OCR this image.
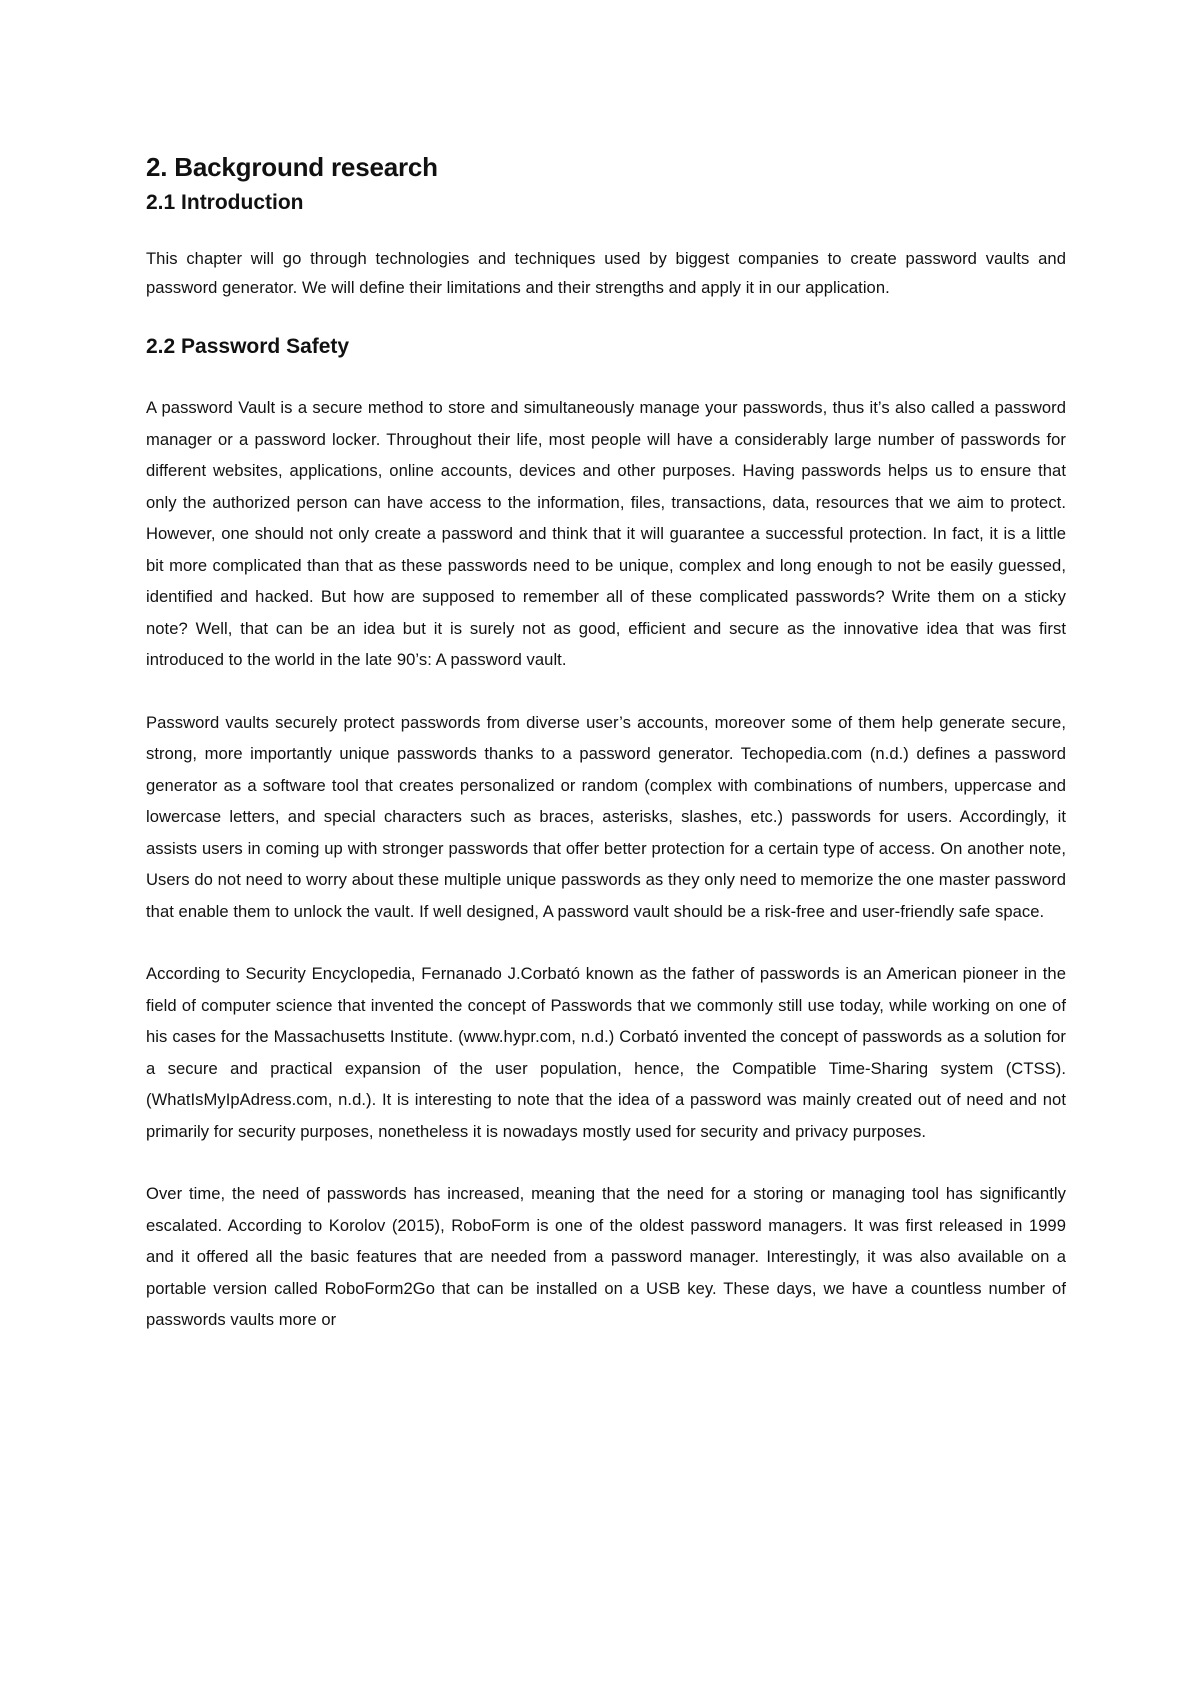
2. Background research
2.1 Introduction

This chapter will go through technologies and techniques used by biggest companies to create password vaults and password generator. We will define their limitations and their strengths and apply it in our application.

2.2 Password Safety

A password Vault is a secure method to store and simultaneously manage your passwords, thus it’s also called a password manager or a password locker. Throughout their life, most people will have a considerably large number of passwords for different websites, applications, online accounts, devices and other purposes. Having passwords helps us to ensure that only the authorized person can have access to the information, files, transactions, data, resources that we aim to protect. However, one should not only create a password and think that it will guarantee a successful protection. In fact, it is a little bit more complicated than that as these passwords need to be unique, complex and long enough to not be easily guessed, identified and hacked. But how are supposed to remember all of these complicated passwords? Write them on a sticky note? Well, that can be an idea but it is surely not as good, efficient and secure as the innovative idea that was first introduced to the world in the late 90’s: A password vault.

Password vaults securely protect passwords from diverse user’s accounts, moreover some of them help generate secure, strong, more importantly unique passwords thanks to a password generator. Techopedia.com (n.d.) defines a password generator as a software tool that creates personalized or random (complex with combinations of numbers, uppercase and lowercase letters, and special characters such as braces, asterisks, slashes, etc.) passwords for users. Accordingly, it assists users in coming up with stronger passwords that offer better protection for a certain type of access. On another note, Users do not need to worry about these multiple unique passwords as they only need to memorize the one master password that enable them to unlock the vault. If well designed, A password vault should be a risk-free and user-friendly safe space.

According to Security Encyclopedia, Fernanado J.Corbató known as the father of passwords is an American pioneer in the field of computer science that invented the concept of Passwords that we commonly still use today, while working on one of his cases for the Massachusetts Institute. (www.hypr.com, n.d.) Corbató invented the concept of passwords as a solution for a secure and practical expansion of the user population, hence, the Compatible Time-Sharing system (CTSS). (WhatIsMyIpAdress.com, n.d.). It is interesting to note that the idea of a password was mainly created out of need and not primarily for security purposes, nonetheless it is nowadays mostly used for security and privacy purposes.

Over time, the need of passwords has increased, meaning that the need for a storing or managing tool has significantly escalated. According to Korolov (2015), RoboForm is one of the oldest password managers. It was first released in 1999 and it offered all the basic features that are needed from a password manager. Interestingly, it was also available on a portable version called RoboForm2Go that can be installed on a USB key. These days, we have a countless number of passwords vaults more or
